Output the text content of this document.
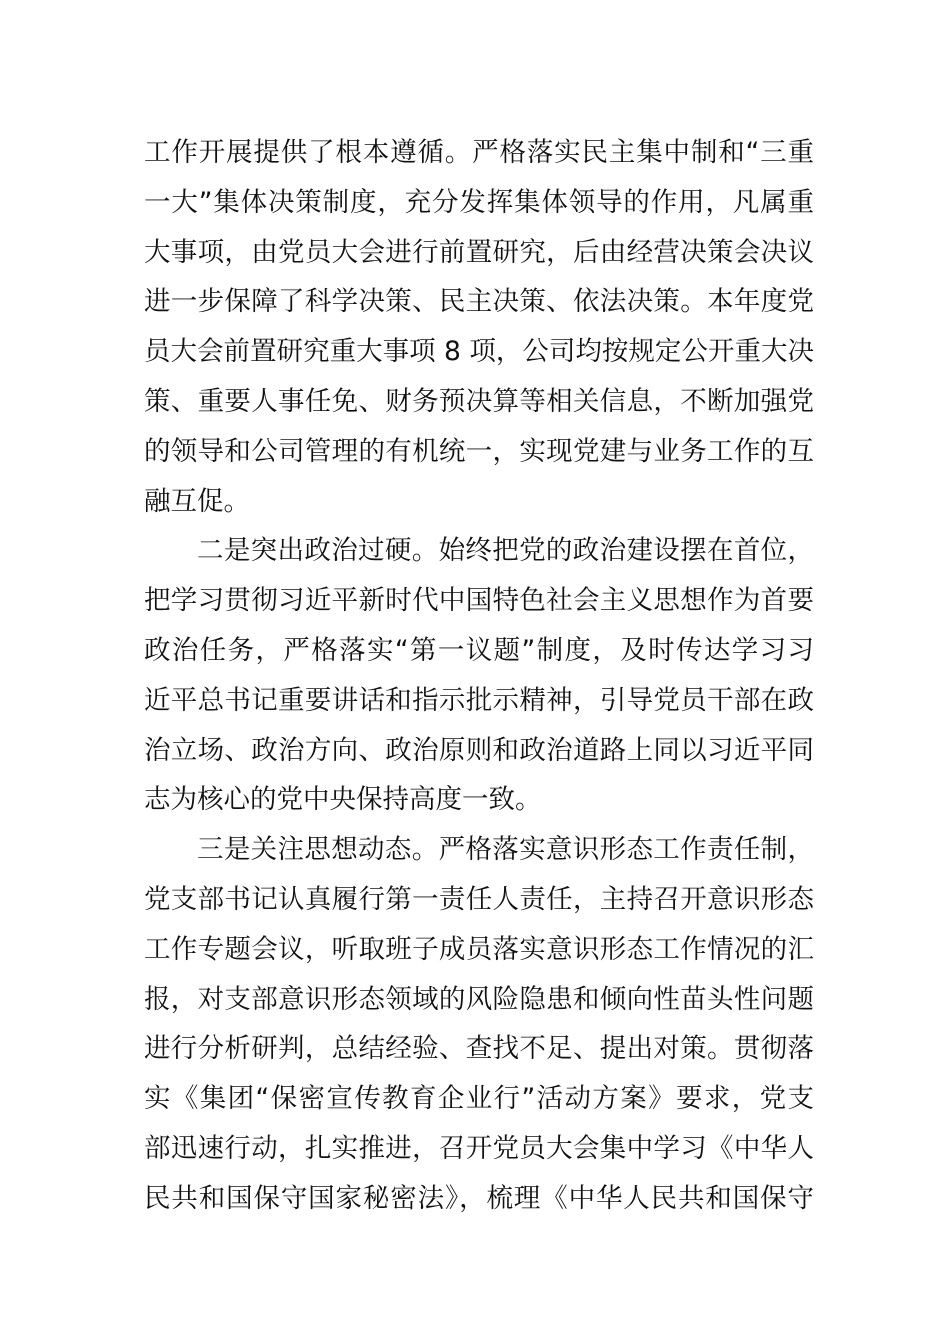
工作开展提供了根本遵循。严格落实民主集中制和“三重
一大”集体决策制度，充分发挥集体领导的作用，凡属重
大事项，由党员大会进行前置研究，后由经营决策会决议
进一步保障了科学决策、民主决策、依法决策。本年度党
员大会前置研究重大事项 8 项，公司均按规定公开重大决
策、重要人事任免、财务预决算等相关信息，不断加强党
的领导和公司管理的有机统一，实现党建与业务工作的互
融互促。
二是突出政治过硬。始终把党的政治建设摆在首位，
把学习贯彻习近平新时代中国特色社会主义思想作为首要
政治任务，严格落实“第一议题”制度，及时传达学习习
近平总书记重要讲话和指示批示精神，引导党员干部在政
治立场、政治方向、政治原则和政治道路上同以习近平同
志为核心的党中央保持高度一致。
三是关注思想动态。严格落实意识形态工作责任制，
党支部书记认真履行第一责任人责任，主持召开意识形态
工作专题会议，听取班子成员落实意识形态工作情况的汇
报，对支部意识形态领域的风险隐患和倾向性苗头性问题
进行分析研判，总结经验、查找不足、提出对策。贯彻落
实《集团“保密宣传教育企业行”活动方案》要求，党支
部迅速行动，扎实推进，召开党员大会集中学习《中华人
民共和国保守国家秘密法》，梳理《中华人民共和国保守
